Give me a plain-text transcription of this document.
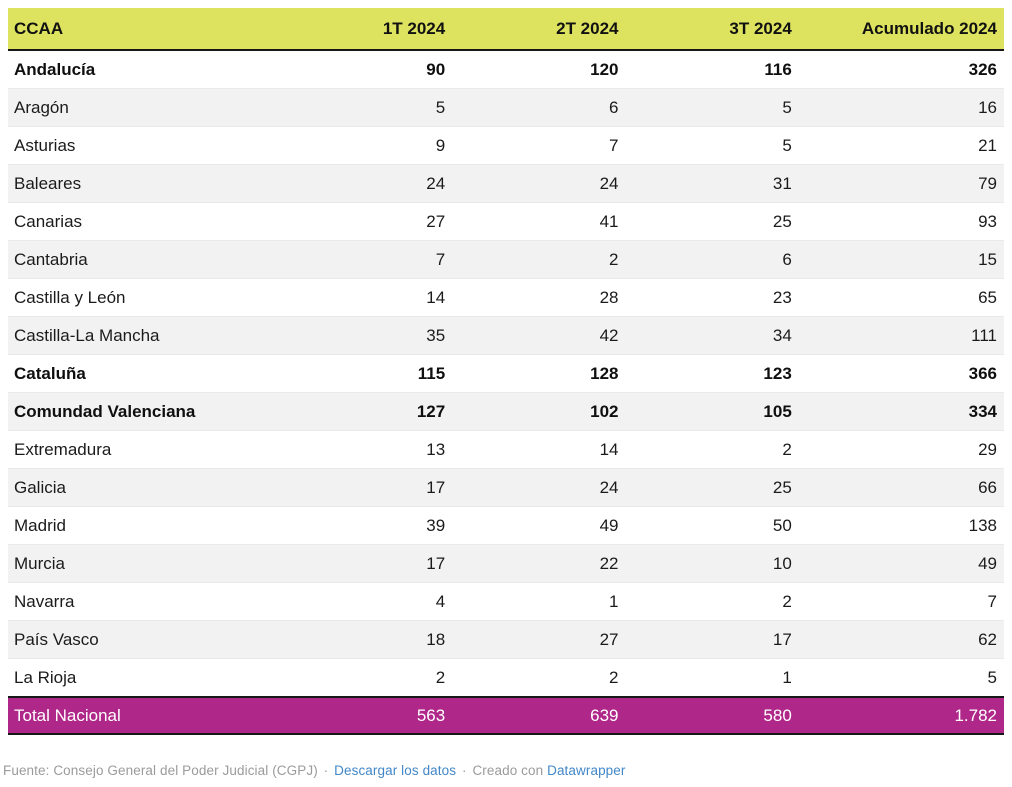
CCAA	1T 2024	2T 2024	3T 2024	Acumulado 2024
Andalucía	90	120	116	326
Aragón	5	6	5	16
Asturias	9	7	5	21
Baleares	24	24	31	79
Canarias	27	41	25	93
Cantabria	7	2	6	15
Castilla y León	14	28	23	65
Castilla-La Mancha	35	42	34	111
Cataluña	115	128	123	366
Comundad Valenciana	127	102	105	334
Extremadura	13	14	2	29
Galicia	17	24	25	66
Madrid	39	49	50	138
Murcia	17	22	10	49
Navarra	4	1	2	7
País Vasco	18	27	17	62
La Rioja	2	2	1	5
Total Nacional	563	639	580	1.782
Fuente: Consejo General del Poder Judicial (CGPJ) · Descargar los datos · Creado con Datawrapper
